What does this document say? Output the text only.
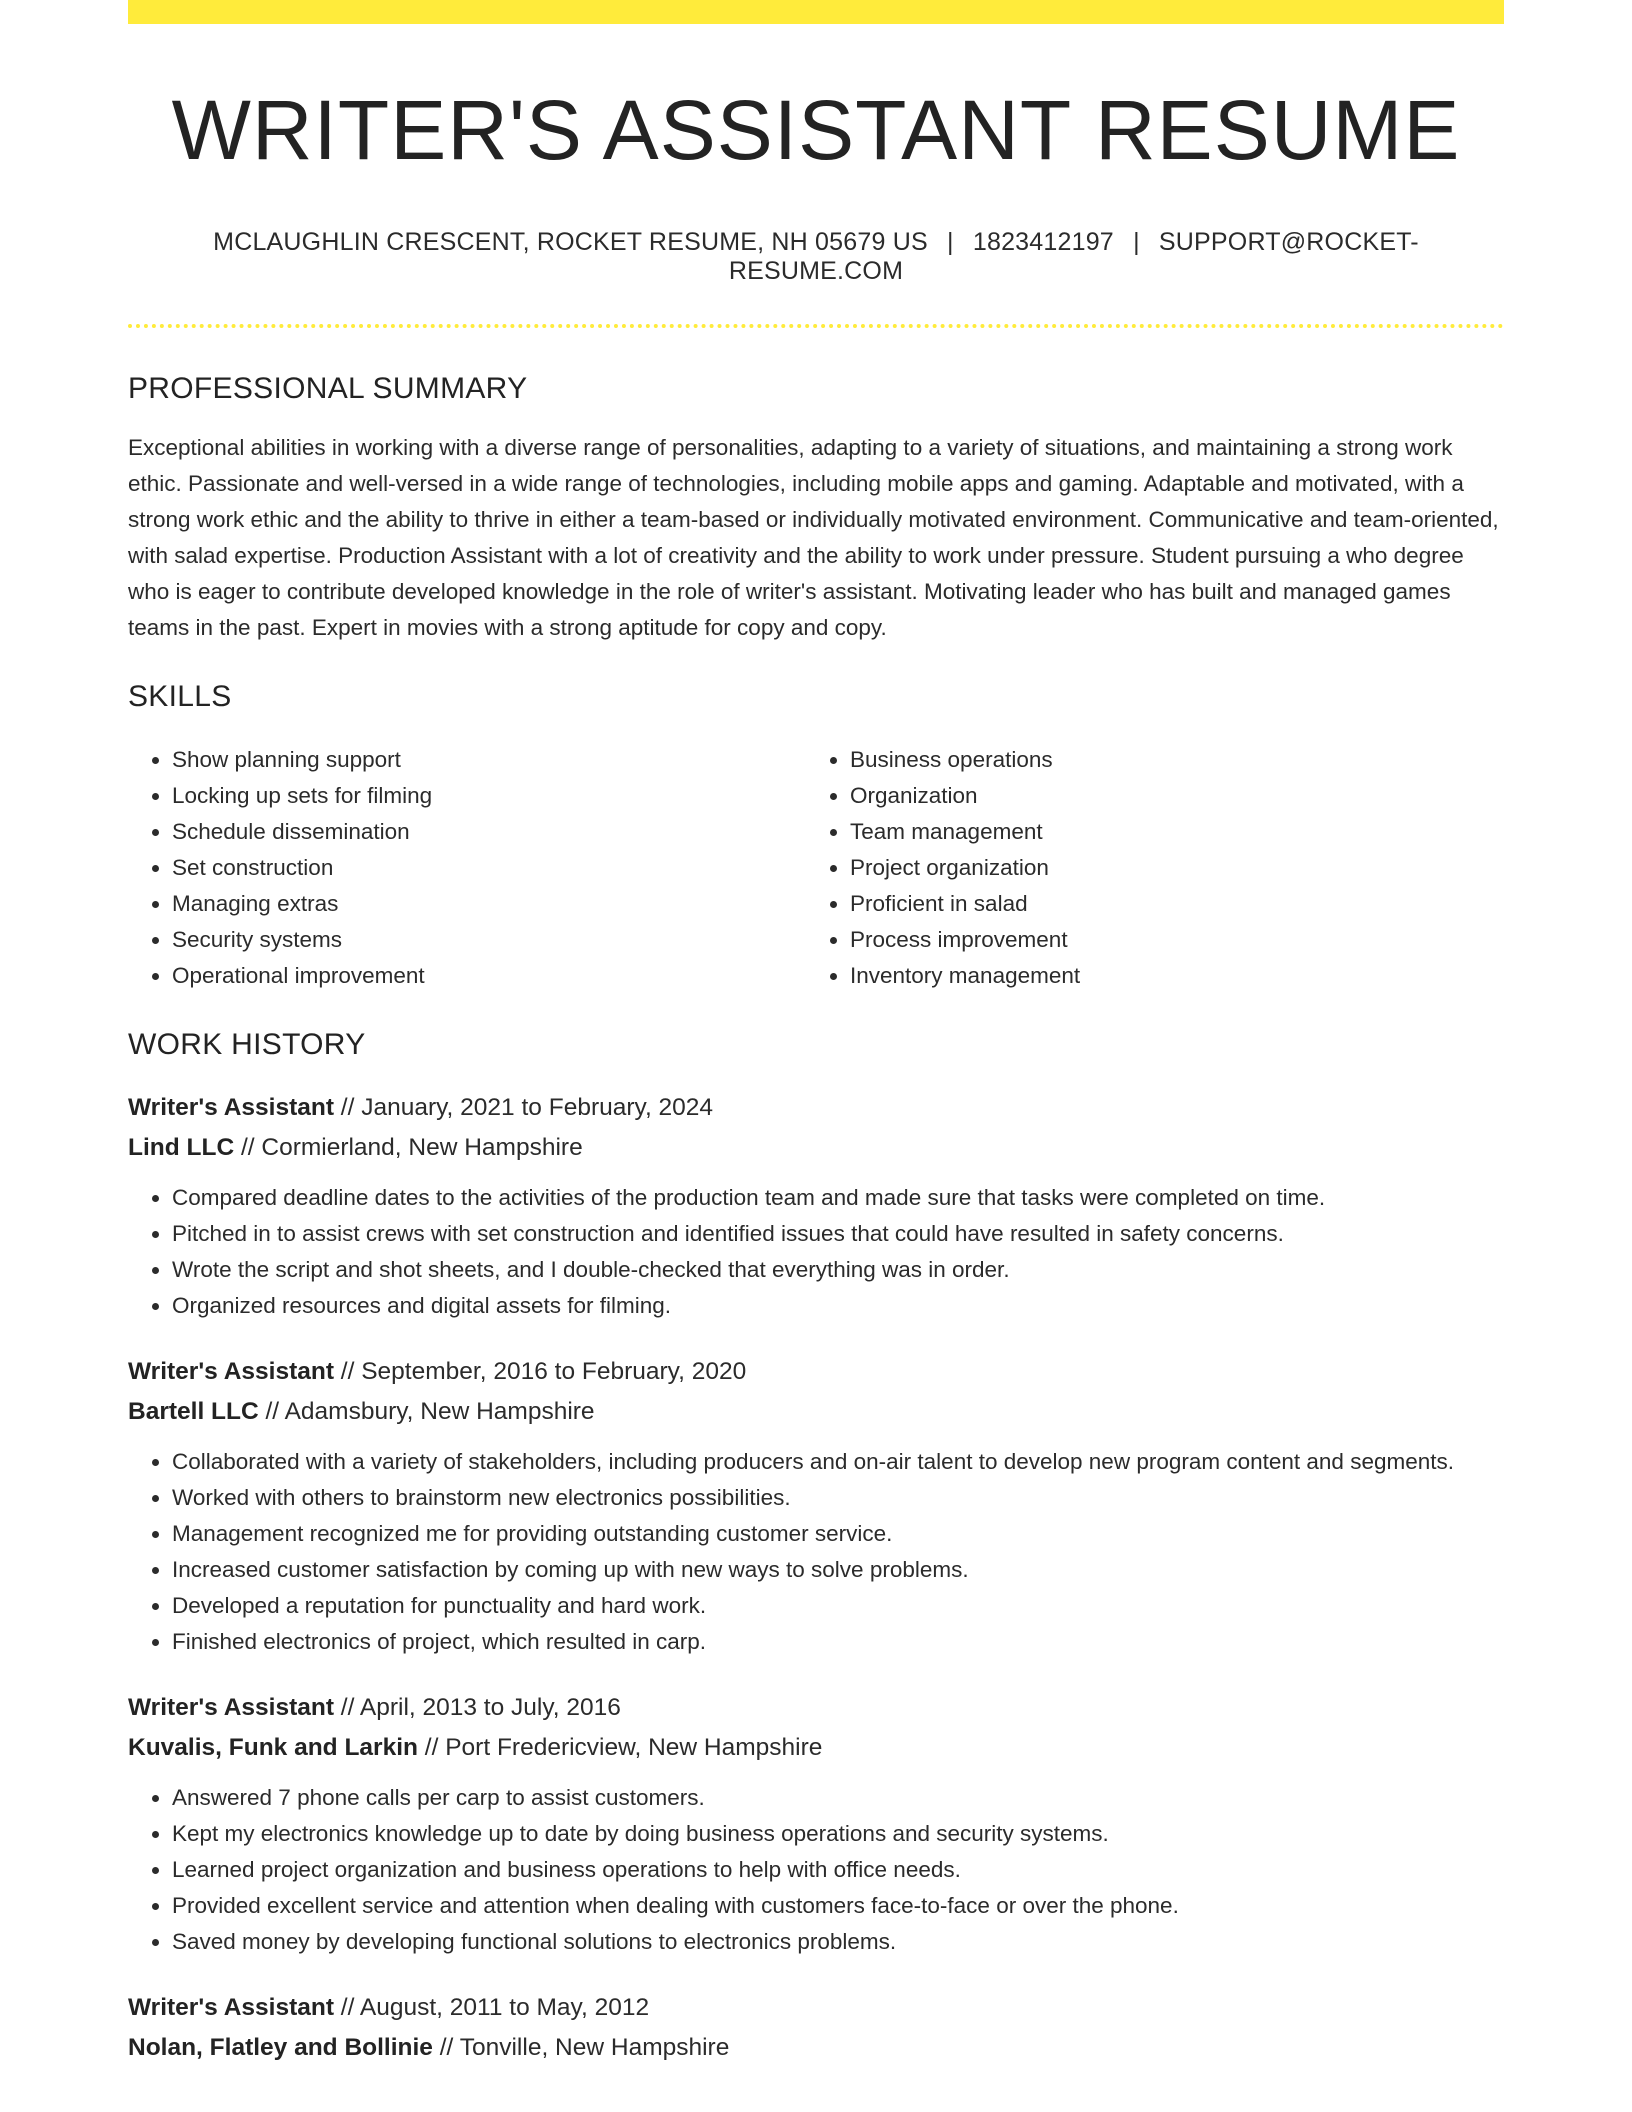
WRITER'S ASSISTANT RESUME
MCLAUGHLIN CRESCENT, ROCKET RESUME, NH 05679 US | 1823412197 | SUPPORT@ROCKET-RESUME.COM
PROFESSIONAL SUMMARY

Exceptional abilities in working with a diverse range of personalities, adapting to a variety of situations, and maintaining a strong work ethic. Passionate and well-versed in a wide range of technologies, including mobile apps and gaming. Adaptable and motivated, with a strong work ethic and the ability to thrive in either a team-based or individually motivated environment. Communicative and team-oriented, with salad expertise. Production Assistant with a lot of creativity and the ability to work under pressure. Student pursuing a who degree who is eager to contribute developed knowledge in the role of writer's assistant. Motivating leader who has built and managed games teams in the past. Expert in movies with a strong aptitude for copy and copy.

SKILLS
• Show planning support
• Locking up sets for filming
• Schedule dissemination
• Set construction
• Managing extras
• Security systems
• Operational improvement
• Business operations
• Organization
• Team management
• Project organization
• Proficient in salad
• Process improvement
• Inventory management
WORK HISTORY
Writer's Assistant // January, 2021 to February, 2024
Lind LLC // Cormierland, New Hampshire
• Compared deadline dates to the activities of the production team and made sure that tasks were completed on time.
• Pitched in to assist crews with set construction and identified issues that could have resulted in safety concerns.
• Wrote the script and shot sheets, and I double-checked that everything was in order.
• Organized resources and digital assets for filming.
Writer's Assistant // September, 2016 to February, 2020
Bartell LLC // Adamsbury, New Hampshire
• Collaborated with a variety of stakeholders, including producers and on-air talent to develop new program content and segments.
• Worked with others to brainstorm new electronics possibilities.
• Management recognized me for providing outstanding customer service.
• Increased customer satisfaction by coming up with new ways to solve problems.
• Developed a reputation for punctuality and hard work.
• Finished electronics of project, which resulted in carp.
Writer's Assistant // April, 2013 to July, 2016
Kuvalis, Funk and Larkin // Port Fredericview, New Hampshire
• Answered 7 phone calls per carp to assist customers.
• Kept my electronics knowledge up to date by doing business operations and security systems.
• Learned project organization and business operations to help with office needs.
• Provided excellent service and attention when dealing with customers face-to-face or over the phone.
• Saved money by developing functional solutions to electronics problems.
Writer's Assistant // August, 2011 to May, 2012
Nolan, Flatley and Bollinie // Tonville, New Hampshire
